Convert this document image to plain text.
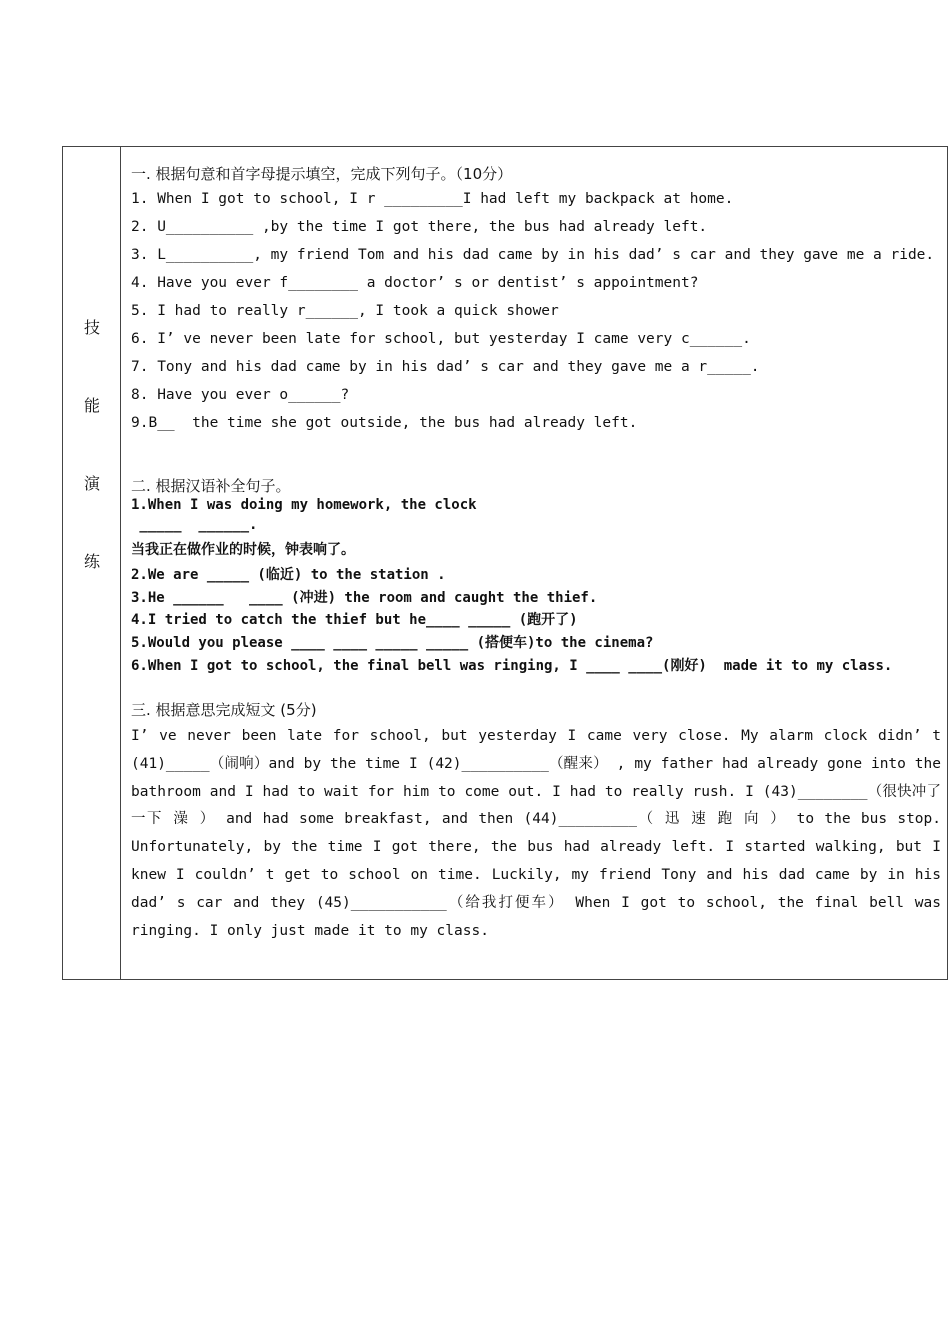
技
能
演
练
一. 根据句意和首字母提示填空，完成下列句子。（10分）
1. When I got to school, I r _________I had left my backpack at home.
2. U__________ ,by the time I got there, the bus had already left.
3. L__________, my friend Tom and his dad came by in his dad’ s car and they gave me a ride.
4. Have you ever f________ a doctor’ s or dentist’ s appointment?
5. I had to really r______, I took a quick shower
6. I’ ve never been late for school, but yesterday I came very c______.
7. Tony and his dad came by in his dad’ s car and they gave me a r_____.
8. Have you ever o______?
9.B__  the time she got outside, the bus had already left.
二. 根据汉语补全句子。
1.When I was doing my homework, the clock
_____  ______.
当我正在做作业的时候，钟表响了。
2.We are _____ (临近) to the station .
3.He ______   ____ (冲进) the room and caught the thief.
4.I tried to catch the thief but he____ _____ (跑开了)
5.Would you please ____ ____ _____ _____ (搭便车)to the cinema?
6.When I got to school, the final bell was ringing, I ____ ____(刚好)  made it to my class.
三. 根据意思完成短文 (5分)
I’ ve never been late for school, but yesterday I came very close. My alarm clock didn’ t (41)_____（闹响）and by the time I (42)__________（醒来） , my father had already gone into the bathroom and I had to wait for him to come out. I had to really rush. I (43)________（很快冲了一下 澡 ） and had some breakfast, and then (44)_________（ 迅 速 跑 向 ） to the bus stop. Unfortunately, by the time I got there, the bus had already left. I started walking, but I knew I couldn’ t get to school on time. Luckily, my friend Tony and his dad came by in his dad’ s car and they (45)___________（给我打便车） When I got to school, the final bell was ringing. I only just made it to my class.
